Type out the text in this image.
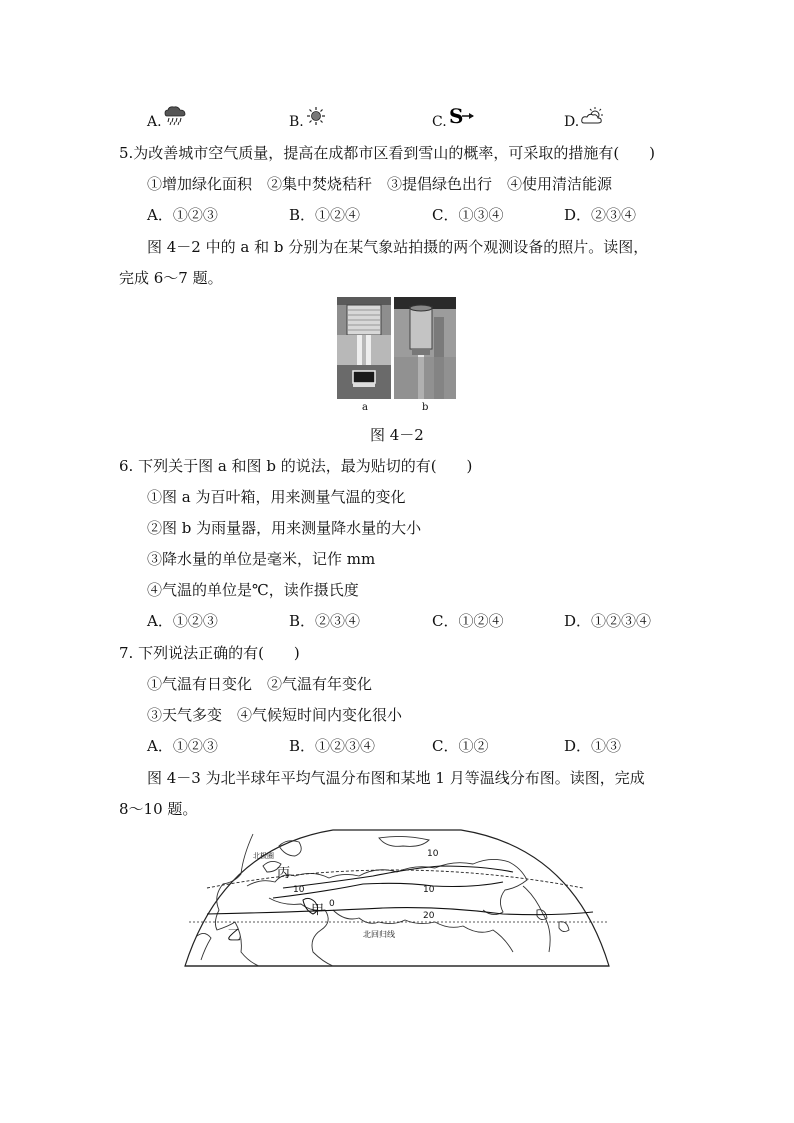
A.	B.	C. S	D.
5.为改善城市空气质量，提高在成都市区看到雪山的概率，可采取的措施有(　　)
①增加绿化面积　②集中焚烧秸秆　③提倡绿色出行　④使用清洁能源
A．①②③	B．①②④	C．①③④	D．②③④
图 4－2 中的 a 和 b 分别为在某气象站拍摄的两个观测设备的照片。读图，
完成 6～7 题。
a	b
图 4－2
6. 下列关于图 a 和图 b 的说法，最为贴切的有(　　)
①图 a 为百叶箱，用来测量气温的变化
②图 b 为雨量器，用来测量降水量的大小
③降水量的单位是毫米，记作 mm
④气温的单位是℃，读作摄氏度
A．①②③	B．②③④	C．①②④	D．①②③④
7. 下列说法正确的有(　　)
①气温有日变化　②气温有年变化
③天气多变　④气候短时间内变化很小
A．①②③	B．①②③④	C．①②	D．①③
图 4－3 为北半球年平均气温分布图和某地 1 月等温线分布图。读图，完成
8～10 题。
丙
甲
乙	北回归线
北极圈
0
10	10
10
20
